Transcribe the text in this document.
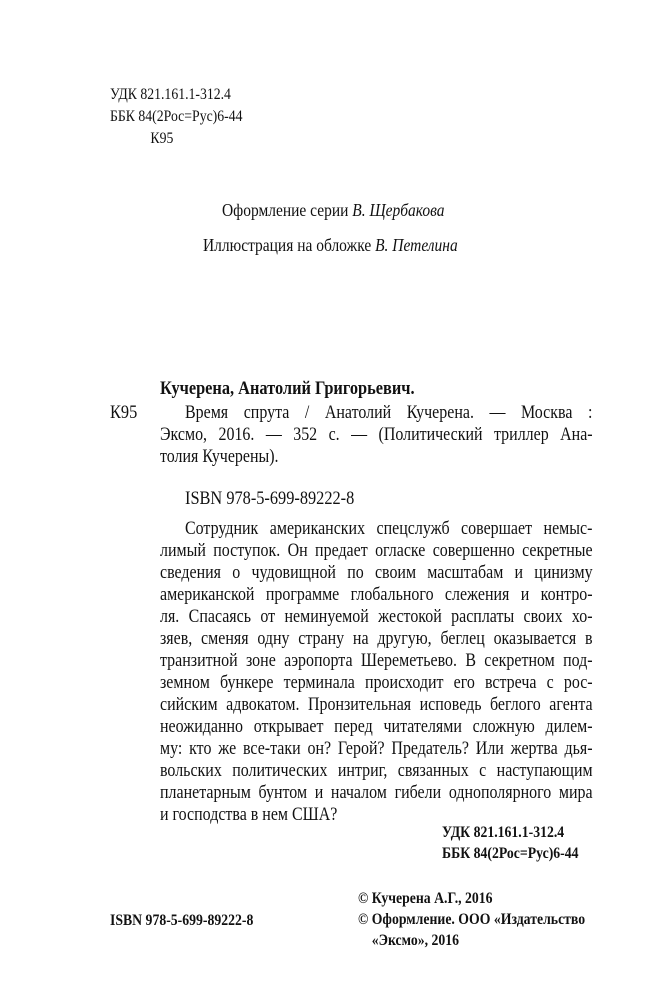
УДК 821.161.1-312.4
ББК 84(2Рос=Рус)6-44
К95
Оформление серии В. Щербакова
Иллюстрация на обложке В. Петелина
Кучерена, Анатолий Григорьевич.
К95	Время спрута / Анатолий Кучерена. — Москва :
Эксмо, 2016. — 352 с. — (Политический триллер Ана-
толия Кучерены).
ISBN 978-5-699-89222-8
Сотрудник американских спецслужб совершает немыс-
лимый поступок. Он предает огласке совершенно секретные
сведения о чудовищной по своим масштабам и цинизму
американской программе глобального слежения и контро-
ля. Спасаясь от неминуемой жестокой расплаты своих хо-
зяев, сменяя одну страну на другую, беглец оказывается в
транзитной зоне аэропорта Шереметьево. В секретном под-
земном бункере терминала происходит его встреча с рос-
сийским адвокатом. Пронзительная исповедь беглого агента
неожиданно открывает перед читателями сложную дилем-
му: кто же все-таки он? Герой? Предатель? Или жертва дья-
вольских политических интриг, связанных с наступающим
планетарным бунтом и началом гибели однополярного мира
и господства в нем США?
УДК 821.161.1-312.4
ББК 84(2Рос=Рус)6-44
© Кучерена А.Г., 2016
© Оформление. ООО «Издательство
«Эксмо», 2016
ISBN 978-5-699-89222-8
